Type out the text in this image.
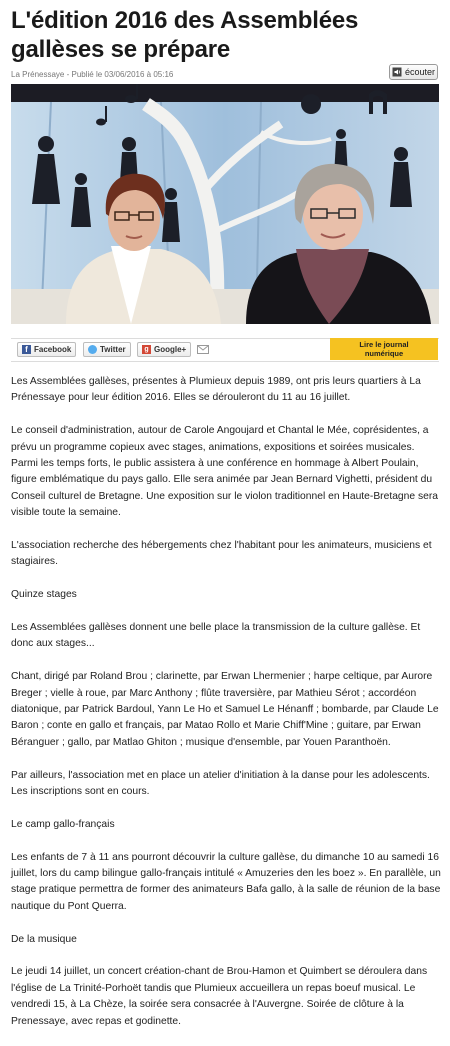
L'édition 2016 des Assemblées gallèses se prépare
La Prénessaye - Publié le 03/06/2016 à 05:16	écouter
f Facebook	Twitter	g Google+
Lire le journal
numérique

Les Assemblées gallèses, présentes à Plumieux depuis 1989, ont pris leurs quartiers à La Prénessaye pour leur édition 2016. Elles se dérouleront du 11 au 16 juillet.

Le conseil d'administration, autour de Carole Angoujard et Chantal le Mée, coprésidentes, a prévu un programme copieux avec stages, animations, expositions et soirées musicales. Parmi les temps forts, le public assistera à une conférence en hommage à Albert Poulain, figure emblématique du pays gallo. Elle sera animée par Jean Bernard Vighetti, président du Conseil culturel de Bretagne. Une exposition sur le violon traditionnel en Haute-Bretagne sera visible toute la semaine.

L'association recherche des hébergements chez l'habitant pour les animateurs, musiciens et stagiaires.

Quinze stages

Les Assemblées gallèses donnent une belle place la transmission de la culture gallèse. Et donc aux stages...

Chant, dirigé par Roland Brou ; clarinette, par Erwan Lhermenier ; harpe celtique, par Aurore Breger ; vielle à roue, par Marc Anthony ; flûte traversière, par Mathieu Sérot ; accordéon diatonique, par Patrick Bardoul, Yann Le Ho et Samuel Le Hénanff ; bombarde, par Claude Le Baron ; conte en gallo et français, par Matao Rollo et Marie Chiff'Mine ; guitare, par Erwan Béranguer ; gallo, par Matlao Ghiton ; musique d'ensemble, par Youen Paranthoën.

Par ailleurs, l'association met en place un atelier d'initiation à la danse pour les adolescents. Les inscriptions sont en cours.

Le camp gallo-français

Les enfants de 7 à 11 ans pourront découvrir la culture gallèse, du dimanche 10 au samedi 16 juillet, lors du camp bilingue gallo-français intitulé « Amuzeries den les boez ». En parallèle, un stage pratique permettra de former des animateurs Bafa gallo, à la salle de réunion de la base nautique du Pont Querra.

De la musique

Le jeudi 14 juillet, un concert création-chant de Brou-Hamon et Quimbert se déroulera dans l'église de La Trinité-Porhoët tandis que Plumieux accueillera un repas boeuf musical. Le vendredi 15, à La Chèze, la soirée sera consacrée à l'Auvergne. Soirée de clôture à la Prenessaye, avec repas et godinette.
